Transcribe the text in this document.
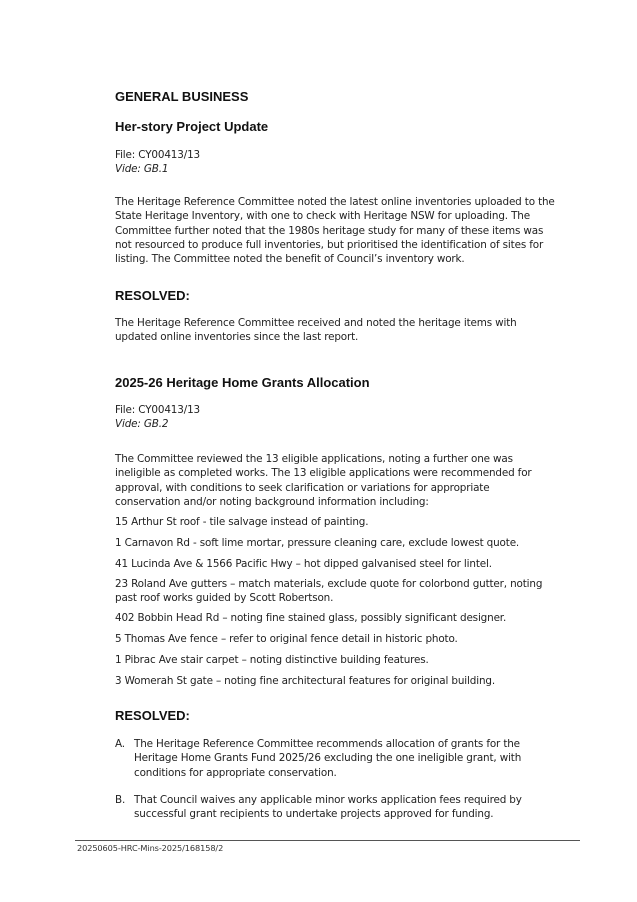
GENERAL BUSINESS
Her-story Project Update
File: CY00413/13
Vide: GB.1
The Heritage Reference Committee noted the latest online inventories uploaded to the State Heritage Inventory, with one to check with Heritage NSW for uploading. The Committee further noted that the 1980s heritage study for many of these items was not resourced to produce full inventories, but prioritised the identification of sites for listing. The Committee noted the benefit of Council’s inventory work.
RESOLVED:
The Heritage Reference Committee received and noted the heritage items with updated online inventories since the last report.
2025-26 Heritage Home Grants Allocation
File: CY00413/13
Vide: GB.2
The Committee reviewed the 13 eligible applications, noting a further one was ineligible as completed works. The 13 eligible applications were recommended for approval, with conditions to seek clarification or variations for appropriate conservation and/or noting background information including:
15 Arthur St roof - tile salvage instead of painting.
1 Carnavon Rd - soft lime mortar, pressure cleaning care, exclude lowest quote.
41 Lucinda Ave & 1566 Pacific Hwy – hot dipped galvanised steel for lintel.
23 Roland Ave gutters – match materials, exclude quote for colorbond gutter, noting past roof works guided by Scott Robertson.
402 Bobbin Head Rd – noting fine stained glass, possibly significant designer.
5 Thomas Ave fence – refer to original fence detail in historic photo.
1 Pibrac Ave stair carpet – noting distinctive building features.
3 Womerah St gate – noting fine architectural features for original building.
RESOLVED:
A. The Heritage Reference Committee recommends allocation of grants for the Heritage Home Grants Fund 2025/26 excluding the one ineligible grant, with conditions for appropriate conservation.
B. That Council waives any applicable minor works application fees required by successful grant recipients to undertake projects approved for funding.
20250605-HRC-Mins-2025/168158/2
